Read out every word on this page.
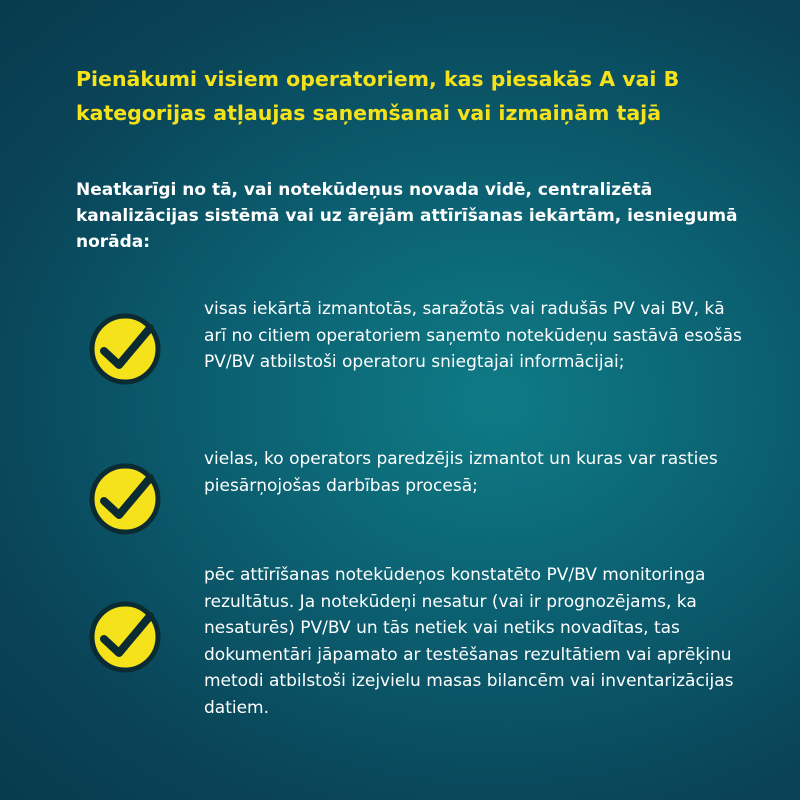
Pienākumi visiem operatoriem, kas piesakās A vai B kategorijas atļaujas saņemšanai vai izmaiņām tajā

Neatkarīgi no tā, vai notekūdeņus novada vidē, centralizētā kanalizācijas sistēmā vai uz ārējām attīrīšanas iekārtām, iesniegumā norāda:

visas iekārtā izmantotās, saražotās vai radušās PV vai BV, kā arī no citiem operatoriem saņemto notekūdeņu sastāvā esošās PV/BV atbilstoši operatoru sniegtajai informācijai;

vielas, ko operators paredzējis izmantot un kuras var rasties piesārņojošas darbības procesā;

pēc attīrīšanas notekūdeņos konstatēto PV/BV monitoringa rezultātus. Ja notekūdeņi nesatur (vai ir prognozējams, ka nesaturēs) PV/BV un tās netiek vai netiks novadītas, tas dokumentāri jāpamato ar testēšanas rezultātiem vai aprēķinu metodi atbilstoši izejvielu masas bilancēm vai inventarizācijas datiem.
